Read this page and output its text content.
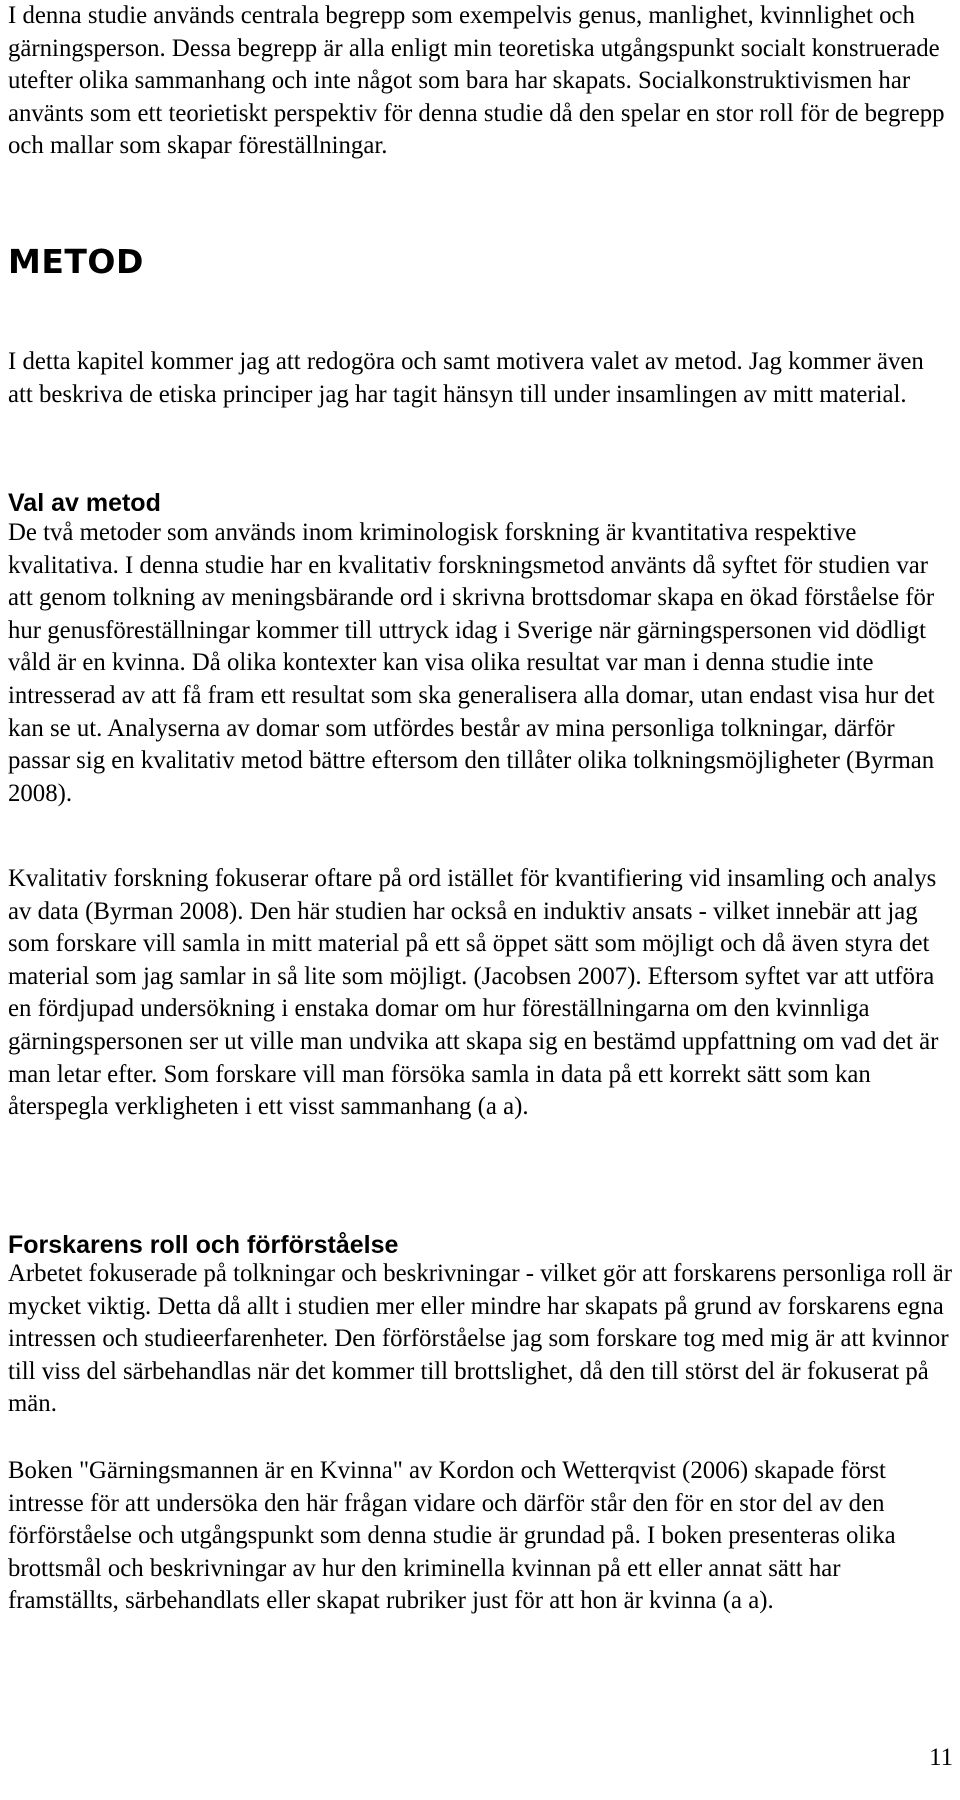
I denna studie används centrala begrepp som exempelvis genus, manlighet, kvinnlighet och gärningsperson. Dessa begrepp är alla enligt min teoretiska utgångspunkt socialt konstruerade utefter olika sammanhang och inte något som bara har skapats. Socialkonstruktivismen har använts som ett teorietiskt perspektiv för denna studie då den spelar en stor roll för de begrepp och mallar som skapar föreställningar.

METOD

I detta kapitel kommer jag att redogöra och samt motivera valet av metod. Jag kommer även att beskriva de etiska principer jag har tagit hänsyn till under insamlingen av mitt material.

Val av metod

De två metoder som används inom kriminologisk forskning är kvantitativa respektive kvalitativa. I denna studie har en kvalitativ forskningsmetod använts då syftet för studien var att genom tolkning av meningsbärande ord i skrivna brottsdomar skapa en ökad förståelse för hur genusföreställningar kommer till uttryck idag i Sverige när gärningspersonen vid dödligt våld är en kvinna. Då olika kontexter kan visa olika resultat var man i denna studie inte intresserad av att få fram ett resultat som ska generalisera alla domar, utan endast visa hur det kan se ut. Analyserna av domar som utfördes består av mina personliga tolkningar, därför passar sig en kvalitativ metod bättre eftersom den tillåter olika tolkningsmöjligheter (Byrman 2008).

Kvalitativ forskning fokuserar oftare på ord istället för kvantifiering vid insamling och analys av data (Byrman 2008). Den här studien har också en induktiv ansats - vilket innebär att jag som forskare vill samla in mitt material på ett så öppet sätt som möjligt och då även styra det material som jag samlar in så lite som möjligt. (Jacobsen 2007). Eftersom syftet var att utföra en fördjupad undersökning i enstaka domar om hur föreställningarna om den kvinnliga gärningspersonen ser ut ville man undvika att skapa sig en bestämd uppfattning om vad det är man letar efter. Som forskare vill man försöka samla in data på ett korrekt sätt som kan återspegla verkligheten i ett visst sammanhang (a a).

Forskarens roll och förförståelse

Arbetet fokuserade på tolkningar och beskrivningar - vilket gör att forskarens personliga roll är mycket viktig. Detta då allt i studien mer eller mindre har skapats på grund av forskarens egna intressen och studieerfarenheter. Den förförståelse jag som forskare tog med mig är att kvinnor till viss del särbehandlas när det kommer till brottslighet, då den till störst del är fokuserat på män.

Boken "Gärningsmannen är en Kvinna" av Kordon och Wetterqvist (2006) skapade först intresse för att undersöka den här frågan vidare och därför står den för en stor del av den förförståelse och utgångspunkt som denna studie är grundad på. I boken presenteras olika brottsmål och beskrivningar av hur den kriminella kvinnan på ett eller annat sätt har framställts, särbehandlats eller skapat rubriker just för att hon är kvinna (a a).

11
